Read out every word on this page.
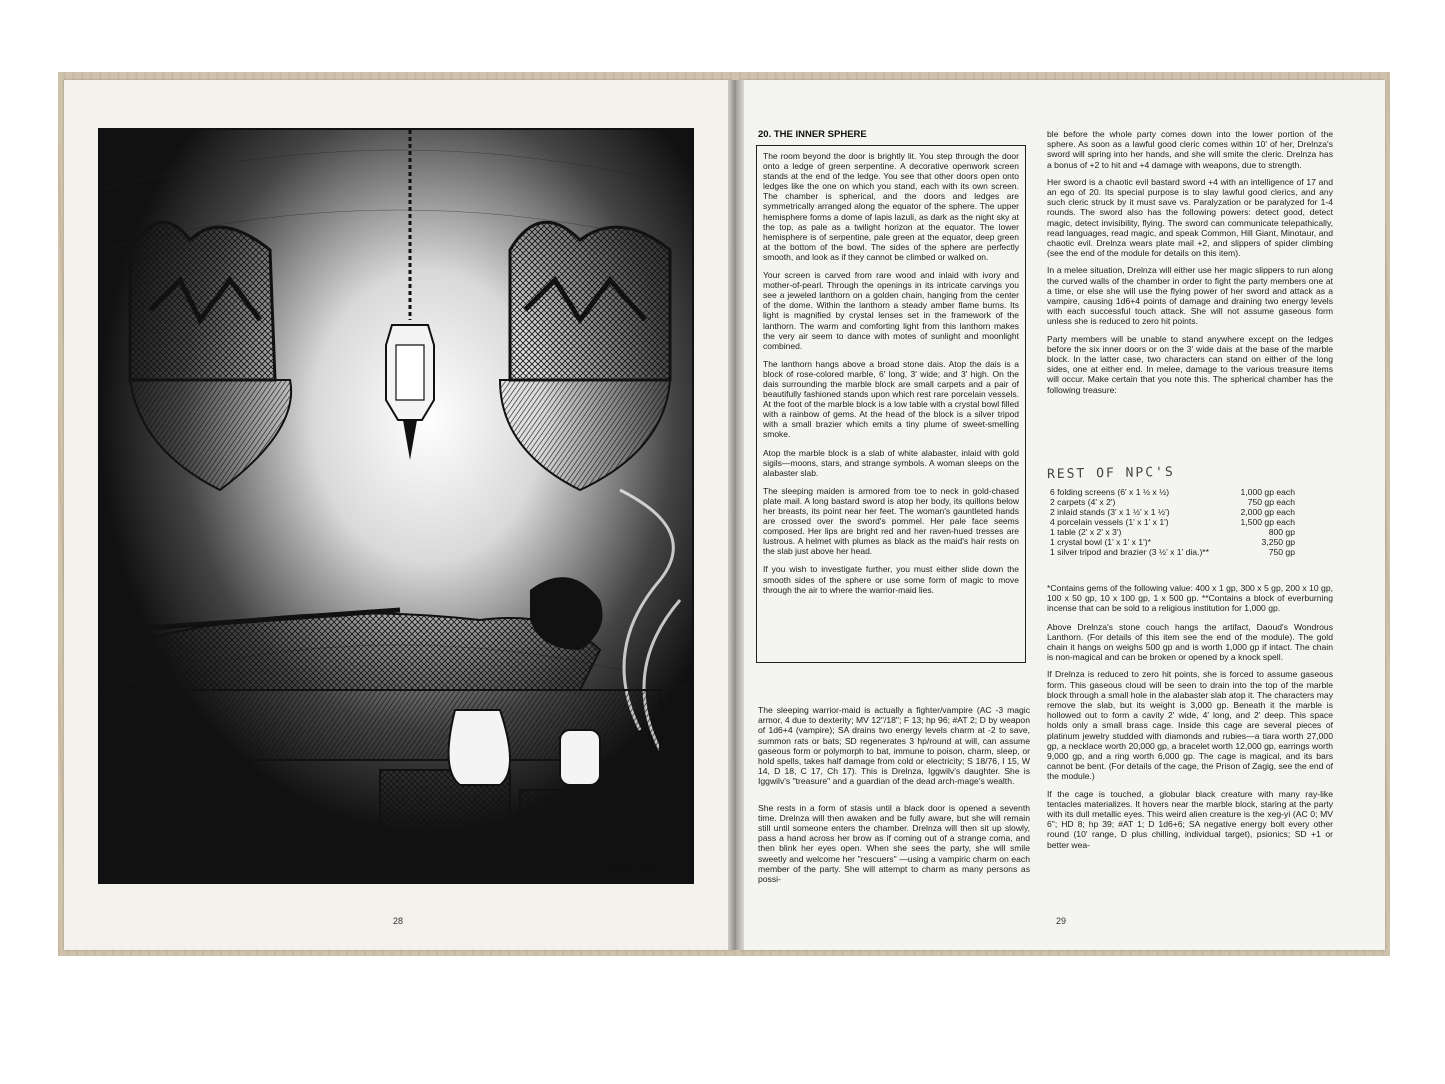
Easley '82
28	29
20. THE INNER SPHERE

The room beyond the door is brightly lit. You step through the door onto a ledge of green serpentine. A decorative openwork screen stands at the end of the ledge. You see that other doors open onto ledges like the one on which you stand, each with its own screen. The chamber is spherical, and the doors and ledges are symmetrically arranged along the equator of the sphere. The upper hemisphere forms a dome of lapis lazuli, as dark as the night sky at the top, as pale as a twilight horizon at the equator. The lower hemisphere is of serpentine, pale green at the equator, deep green at the bottom of the bowl. The sides of the sphere are perfectly smooth, and look as if they cannot be climbed or walked on.

Your screen is carved from rare wood and inlaid with ivory and mother-of-pearl. Through the openings in its intricate carvings you see a jeweled lanthorn on a golden chain, hanging from the center of the dome. Within the lanthorn a steady amber flame burns. Its light is magnified by crystal lenses set in the framework of the lanthorn. The warm and comforting light from this lanthorn makes the very air seem to dance with motes of sunlight and moonlight combined.

The lanthorn hangs above a broad stone dais. Atop the dais is a block of rose-colored marble, 6' long, 3' wide; and 3' high. On the dais surrounding the marble block are small carpets and a pair of beautifully fashioned stands upon which rest rare porcelain vessels. At the foot of the marble block is a low table with a crystal bowl filled with a rainbow of gems. At the head of the block is a silver tripod with a small brazier which emits a tiny plume of sweet-smelling smoke.

Atop the marble block is a slab of white alabaster, inlaid with gold sigils—moons, stars, and strange symbols. A woman sleeps on the alabaster slab.

The sleeping maiden is armored from toe to neck in gold-chased plate mail. A long bastard sword is atop her body, its quillons below her breasts, its point near her feet. The woman's gauntleted hands are crossed over the sword's pommel. Her pale face seems composed. Her lips are bright red and her raven-hued tresses are lustrous. A helmet with plumes as black as the maid's hair rests on the slab just above her head.

If you wish to investigate further, you must either slide down the smooth sides of the sphere or use some form of magic to move through the air to where the warrior-maid lies.

The sleeping warrior-maid is actually a fighter/vampire (AC -3 magic armor, 4 due to dexterity; MV 12"/18"; F 13; hp 96; #AT 2; D by weapon of 1d6+4 (vampire); SA drains two energy levels charm at -2 to save, summon rats or bats; SD regenerates 3 hp/round at will, can assume gaseous form or polymorph to bat, immune to poison, charm, sleep, or hold spells, takes half damage from cold or electricity; S 18/76, I 15, W 14, D 18, C 17, Ch 17). This is Drelnza, Iggwilv's daughter. She is Iggwilv's "treasure" and a guardian of the dead arch-mage's wealth.

She rests in a form of stasis until a black door is opened a seventh time. Drelnza will then awaken and be fully aware, but she will remain still until someone enters the chamber. Drelnza will then sit up slowly, pass a hand across her brow as if coming out of a strange coma, and then blink her eyes open. When she sees the party, she will smile sweetly and welcome her "rescuers" —using a vampiric charm on each member of the party. She will attempt to charm as many persons as possi-

ble before the whole party comes down into the lower portion of the sphere. As soon as a lawful good cleric comes within 10' of her, Drelnza's sword will spring into her hands, and she will smite the cleric. Drelnza has a bonus of +2 to hit and +4 damage with weapons, due to strength.

Her sword is a chaotic evil bastard sword +4 with an intelligence of 17 and an ego of 20. Its special purpose is to slay lawful good clerics, and any such cleric struck by it must save vs. Paralyzation or be paralyzed for 1-4 rounds. The sword also has the following powers: detect good, detect magic, detect invisibility, flying. The sword can communicate telepathically, read languages, read magic, and speak Common, Hill Giant, Minotaur, and chaotic evil. Drelnza wears plate mail +2, and slippers of spider climbing (see the end of the module for details on this item).

In a melee situation, Drelnza will either use her magic slippers to run along the curved walls of the chamber in order to fight the party members one at a time, or else she will use the flying power of her sword and attack as a vampire, causing 1d6+4 points of damage and draining two energy levels with each successful touch attack. She will not assume gaseous form unless she is reduced to zero hit points.

Party members will be unable to stand anywhere except on the ledges before the six inner doors or on the 3' wide dais at the base of the marble block. In the latter case, two characters can stand on either of the long sides, one at either end. In melee, damage to the various treasure items will occur. Make certain that you note this. The spherical chamber has the following treasure:

REST OF NPC'S
6 folding screens (6' x 1 ½ x ½)	1,000 gp each
2 carpets (4' x 2')	750 gp each
2 inlaid stands (3' x 1 ½' x 1 ½')	2,000 gp each
4 porcelain vessels (1' x 1' x 1')	1,500 gp each
1 table (2' x 2' x 3')	800 gp
1 crystal bowl (1' x 1' x 1')*	3,250 gp
1 silver tripod and brazier (3 ½' x 1' dia.)**	750 gp

*Contains gems of the following value: 400 x 1 gp, 300 x 5 gp, 200 x 10 gp, 100 x 50 gp, 10 x 100 gp, 1 x 500 gp. **Contains a block of everburning incense that can be sold to a religious institution for 1,000 gp.

Above Drelnza's stone couch hangs the artifact, Daoud's Wondrous Lanthorn. (For details of this item see the end of the module). The gold chain it hangs on weighs 500 gp and is worth 1,000 gp if intact. The chain is non-magical and can be broken or opened by a knock spell.

If Drelnza is reduced to zero hit points, she is forced to assume gaseous form. This gaseous cloud will be seen to drain into the top of the marble block through a small hole in the alabaster slab atop it. The characters may remove the slab, but its weight is 3,000 gp. Beneath it the marble is hollowed out to form a cavity 2' wide, 4' long, and 2' deep. This space holds only a small brass cage. Inside this cage are several pieces of platinum jewelry studded with diamonds and rubies—a tiara worth 27,000 gp, a necklace worth 20,000 gp, a bracelet worth 12,000 gp, earrings worth 9,000 gp, and a ring worth 6,000 gp. The cage is magical, and its bars cannot be bent. (For details of the cage, the Prison of Zagig, see the end of the module.)

If the cage is touched, a globular black creature with many ray-like tentacles materializes. It hovers near the marble block, staring at the party with its dull metallic eyes. This weird alien creature is the xeg-yi (AC 0; MV 6"; HD 8; hp 39; #AT 1; D 1d6+6; SA negative energy bolt every other round (10' range, D plus chilling, individual target), psionics; SD +1 or better wea-
